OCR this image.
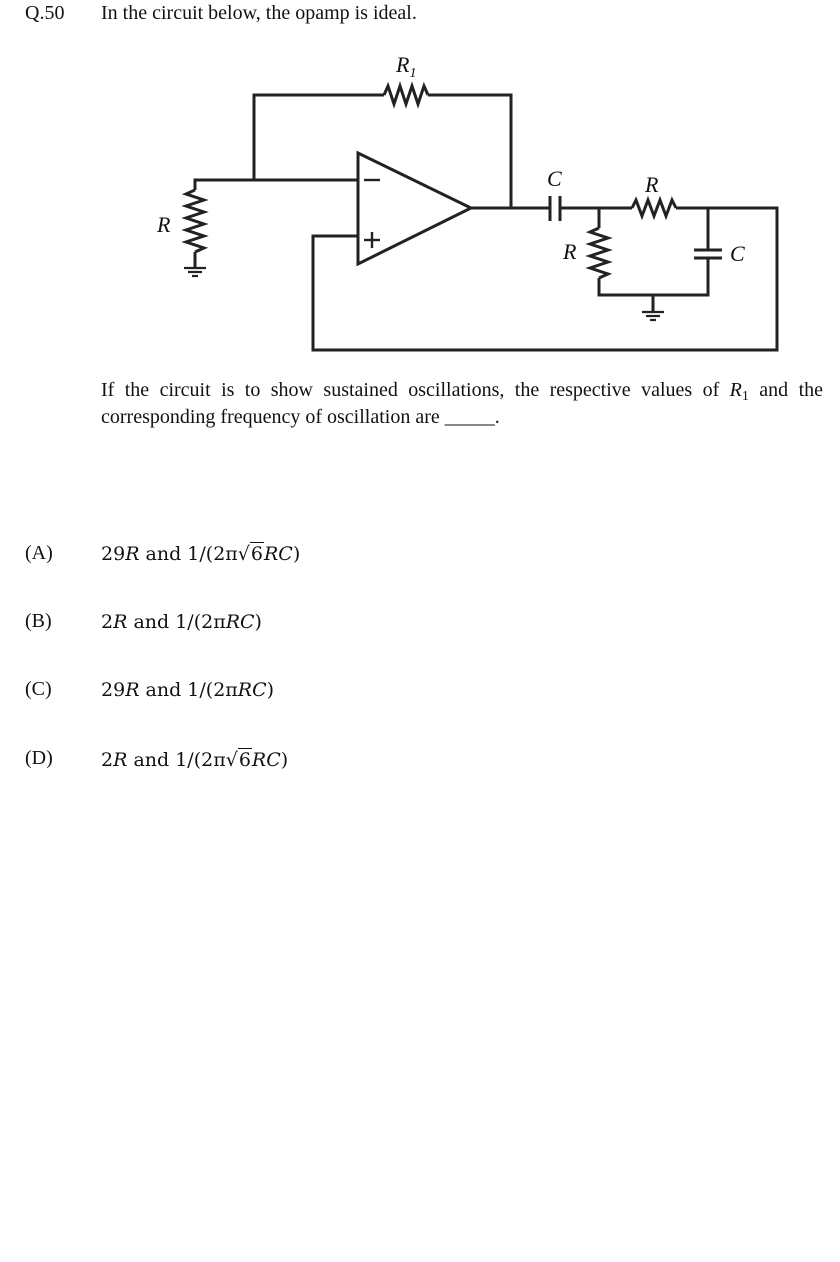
Q.50 In the circuit below, the opamp is ideal.
$R_1$
R
C
R
R
C
If the circuit is to show sustained oscillations, the respective values of $R_1$ and the corresponding frequency of oscillation are _____.
(A)	29R and 1/(2π√6RC)
(B)	2R and 1/(2πRC)
(C)	29R and 1/(2πRC)
(D)	2R and 1/(2π√6RC)
